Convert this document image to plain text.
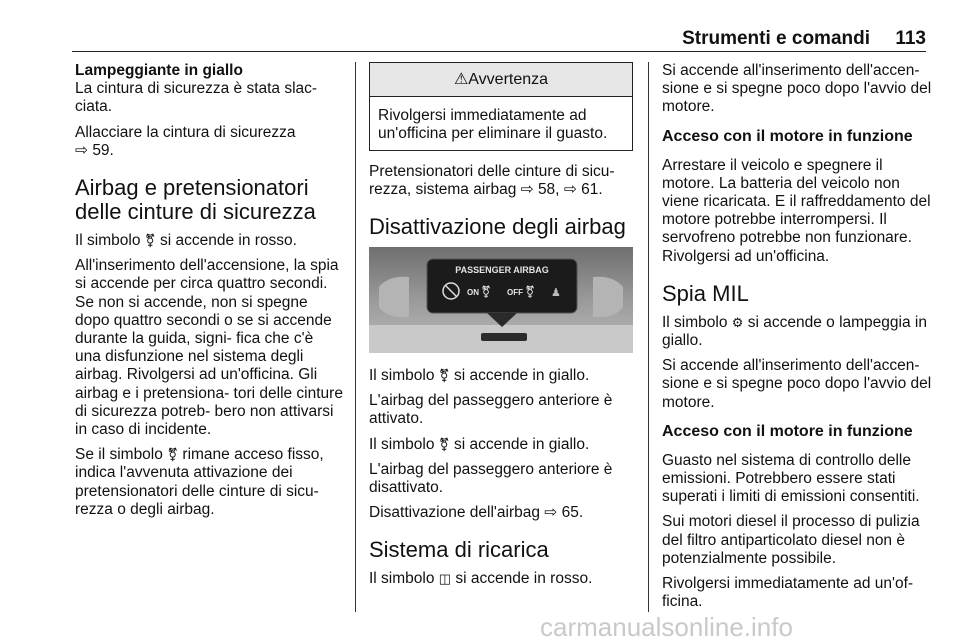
Strumenti e comandi 113

Lampeggiante in giallo
La cintura di sicurezza è stata slac-
ciata.

Allacciare la cintura di sicurezza
⇨ 59.

Airbag e pretensionatori delle cinture di sicurezza

Il simbolo ⚧ si accende in rosso.

All'inserimento dell'accensione, la spia si accende per circa quattro secondi. Se non si accende, non si spegne dopo quattro secondi o se si accende durante la guida, signi- fica che c'è una disfunzione nel sistema degli airbag. Rivolgersi ad un'officina. Gli airbag e i pretensiona- tori delle cinture di sicurezza potreb- bero non attivarsi in caso di incidente.

Se il simbolo ⚧ rimane acceso fisso, indica l'avvenuta attivazione dei pretensionatori delle cinture di sicu- rezza o degli airbag.

⚠Avvertenza
Rivolgersi immediatamente ad un'officina per eliminare il guasto.

Pretensionatori delle cinture di sicu- rezza, sistema airbag ⇨ 58, ⇨ 61.

Disattivazione degli airbag
PASSENGER AIRBAG
ON ⚧ OFF ⚧ ♟

Il simbolo ⚧ si accende in giallo.

L'airbag del passeggero anteriore è attivato.

Il simbolo ⚧ si accende in giallo.

L'airbag del passeggero anteriore è disattivato.

Disattivazione dell'airbag ⇨ 65.

Sistema di ricarica

Il simbolo ◫ si accende in rosso.

Si accende all'inserimento dell'accen- sione e si spegne poco dopo l'avvio del motore.

Acceso con il motore in funzione

Arrestare il veicolo e spegnere il motore. La batteria del veicolo non viene ricaricata. E il raffreddamento del motore potrebbe interrompersi. Il servofreno potrebbe non funzionare. Rivolgersi ad un'officina.

Spia MIL

Il simbolo ⚙ si accende o lampeggia in giallo.

Si accende all'inserimento dell'accen- sione e si spegne poco dopo l'avvio del motore.

Acceso con il motore in funzione

Guasto nel sistema di controllo delle emissioni. Potrebbero essere stati superati i limiti di emissioni consentiti.

Sui motori diesel il processo di pulizia del filtro antiparticolato diesel non è potenzialmente possibile.

Rivolgersi immediatamente ad un'of- ficina.

carmanualsonline.info
